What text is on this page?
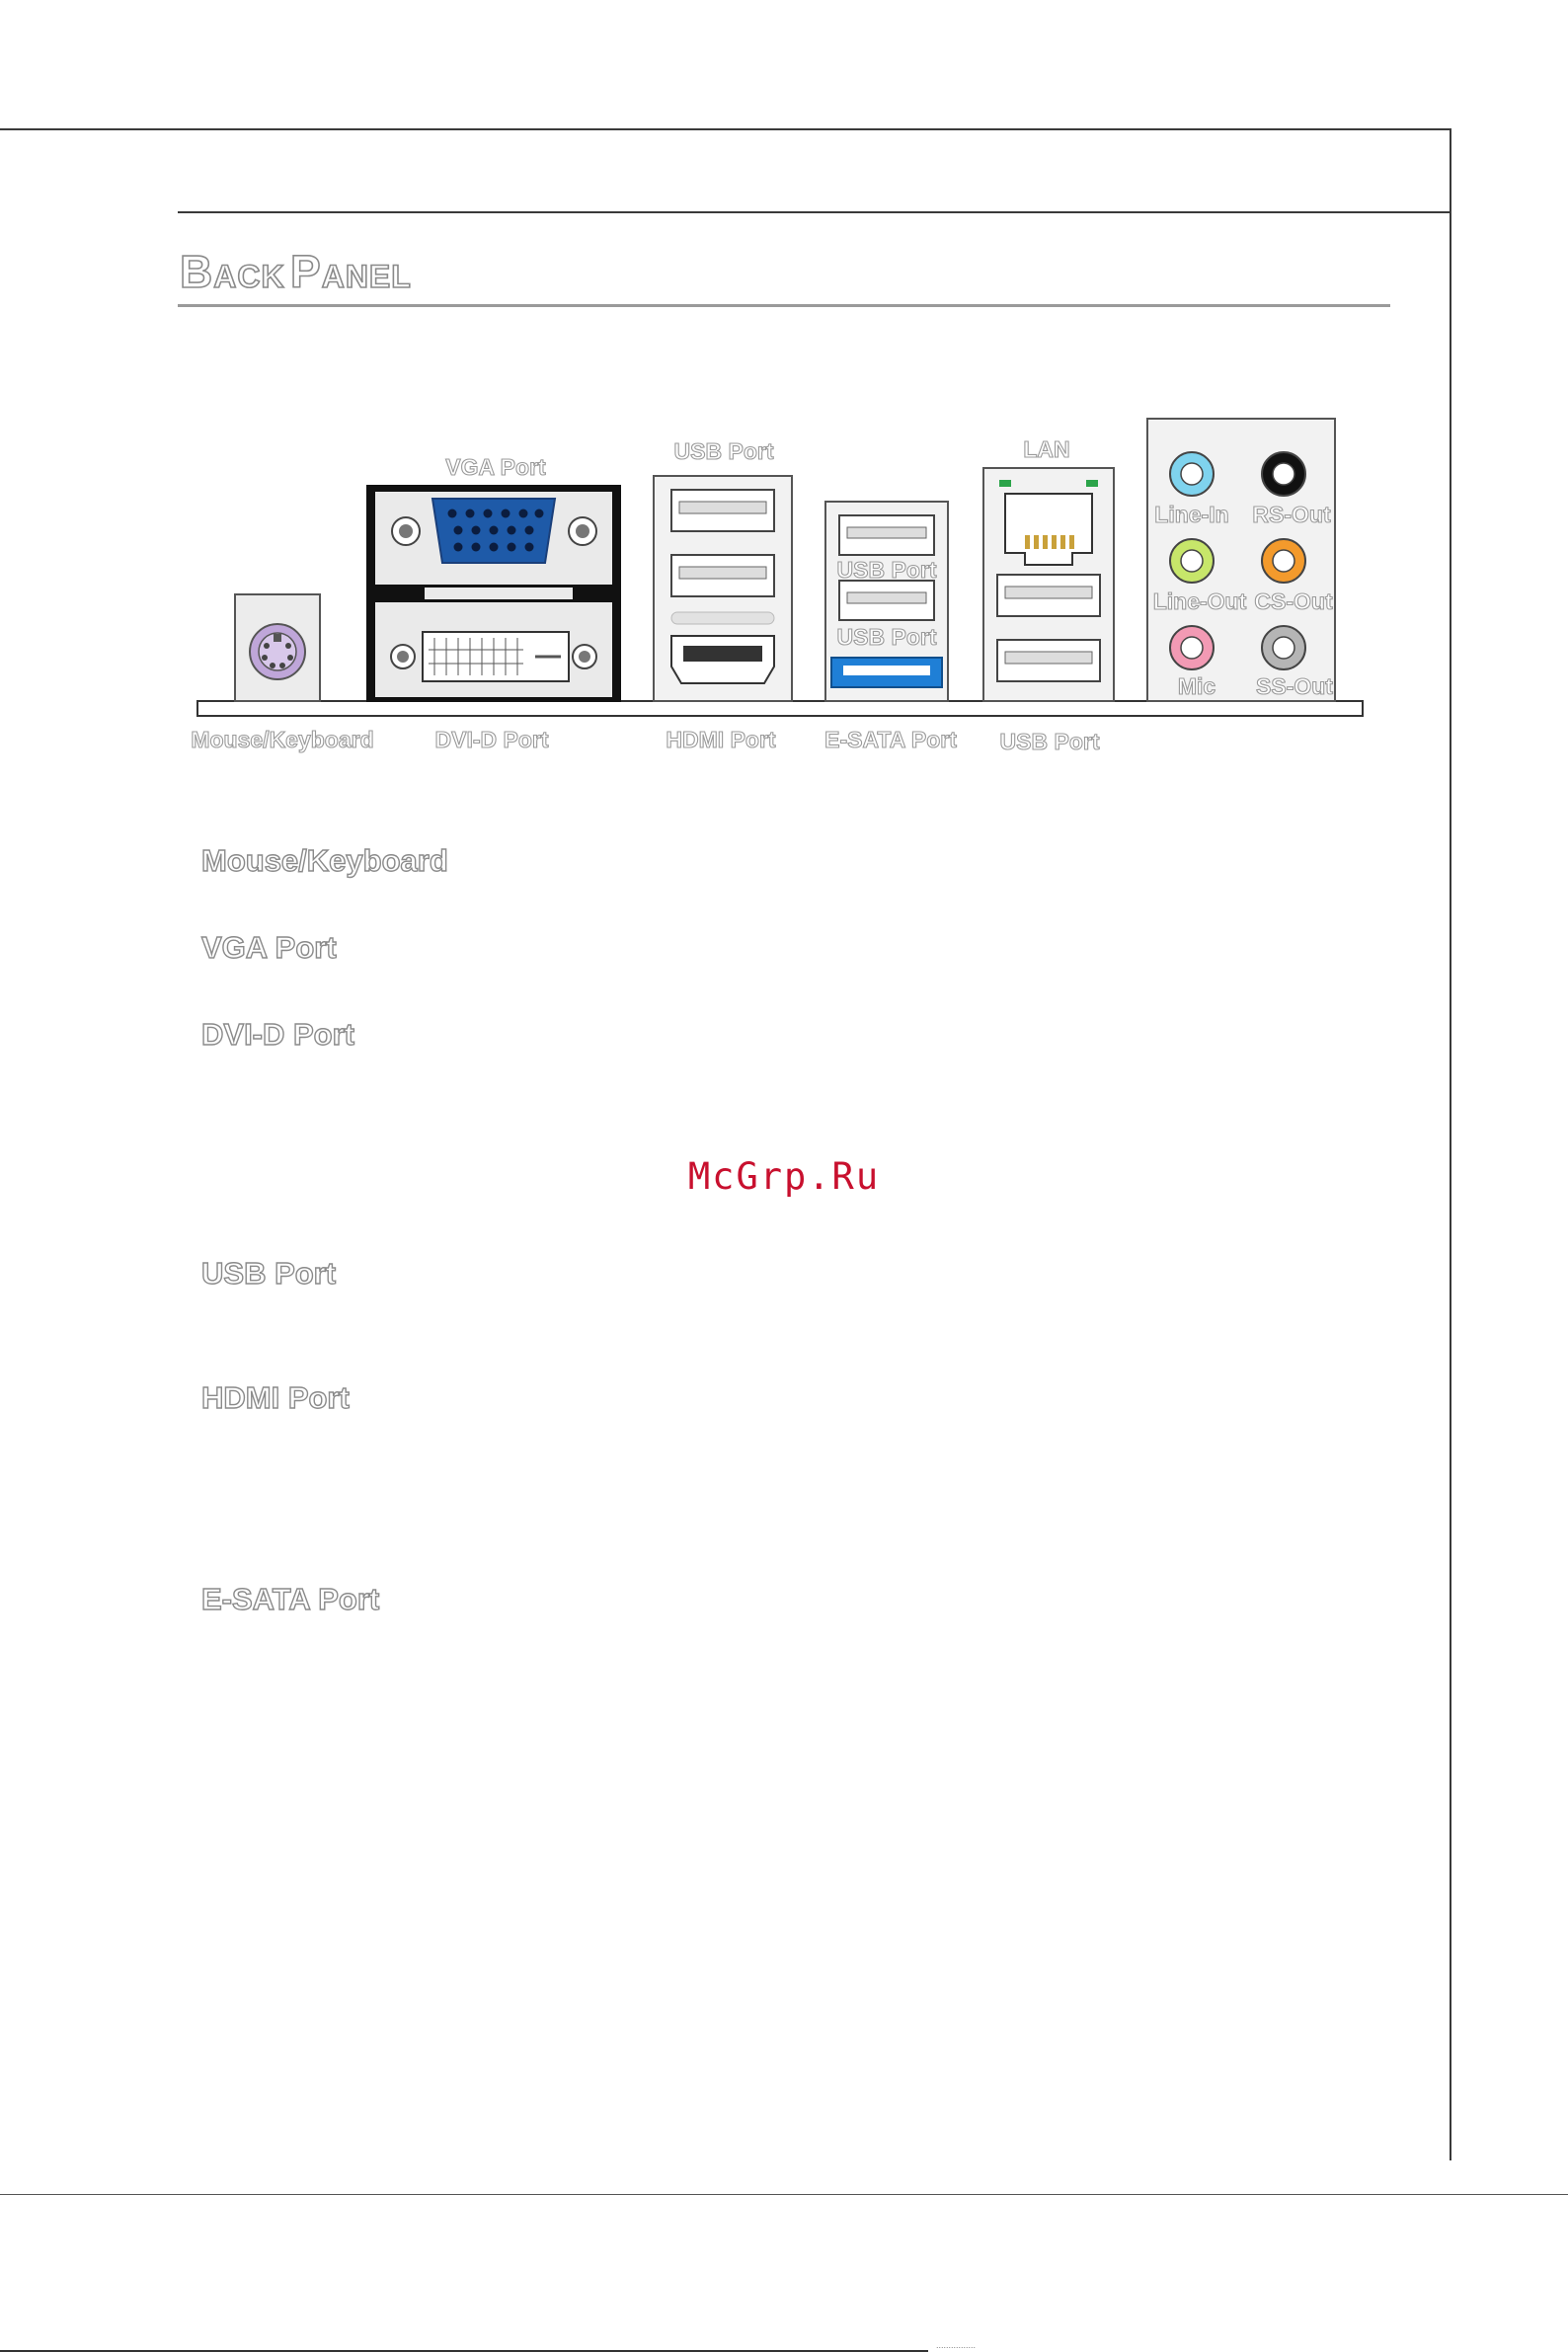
................
BACK PANEL
VGA Port
USB Port	LAN
USB Port
USB Port
Line-In RS-Out
Line-Out CS-Out
Mic SS-Out
Mouse/Keyboard	DVI-D Port	HDMI Port E-SATA Port USB Port
Mouse/Keyboard
VGA Port
DVI-D Port
USB Port
HDMI Port
E-SATA Port
McGrp.Ru
